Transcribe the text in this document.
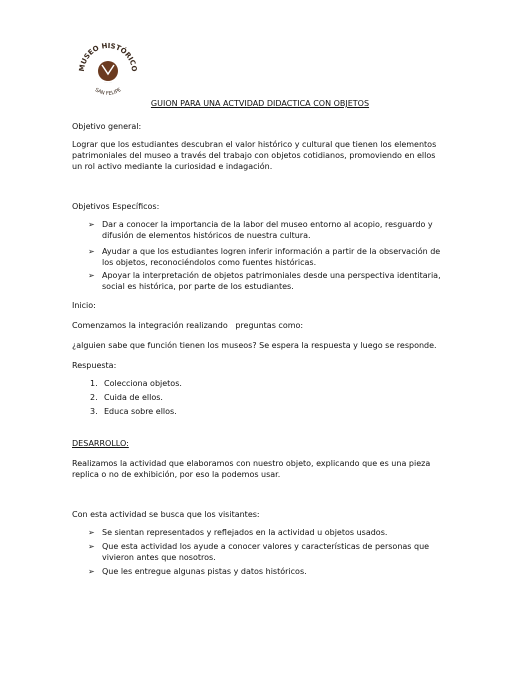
MUSEO HISTÓRICO
· · · · · · ·
SAN FELIPE

GUION PARA UNA ACTVIDAD DIDACTICA CON OBJETOS

Objetivo general:

Lograr que los estudiantes descubran el valor histórico y cultural que tienen los elementos patrimoniales del museo a través del trabajo con objetos cotidianos, promoviendo en ellos un rol activo mediante la curiosidad e indagación.

Objetivos Específicos:

➢ Dar a conocer la importancia de la labor del museo entorno al acopio, resguardo y difusión de elementos históricos de nuestra cultura.
➢ Ayudar a que los estudiantes logren inferir información a partir de la observación de los objetos, reconociéndolos como fuentes históricas.
➢ Apoyar la interpretación de objetos patrimoniales desde una perspectiva identitaria, social es histórica, por parte de los estudiantes.

Inicio:

Comenzamos la integración realizando   preguntas como:

¿alguien sabe que función tienen los museos? Se espera la respuesta y luego se responde.

Respuesta:

1. Colecciona objetos.
2. Cuida de ellos.
3. Educa sobre ellos.

DESARROLLO:

Realizamos la actividad que elaboramos con nuestro objeto, explicando que es una pieza replica o no de exhibición, por eso la podemos usar.

Con esta actividad se busca que los visitantes:

➢ Se sientan representados y reflejados en la actividad u objetos usados.
➢ Que esta actividad los ayude a conocer valores y características de personas que vivieron antes que nosotros.
➢ Que les entregue algunas pistas y datos históricos.
